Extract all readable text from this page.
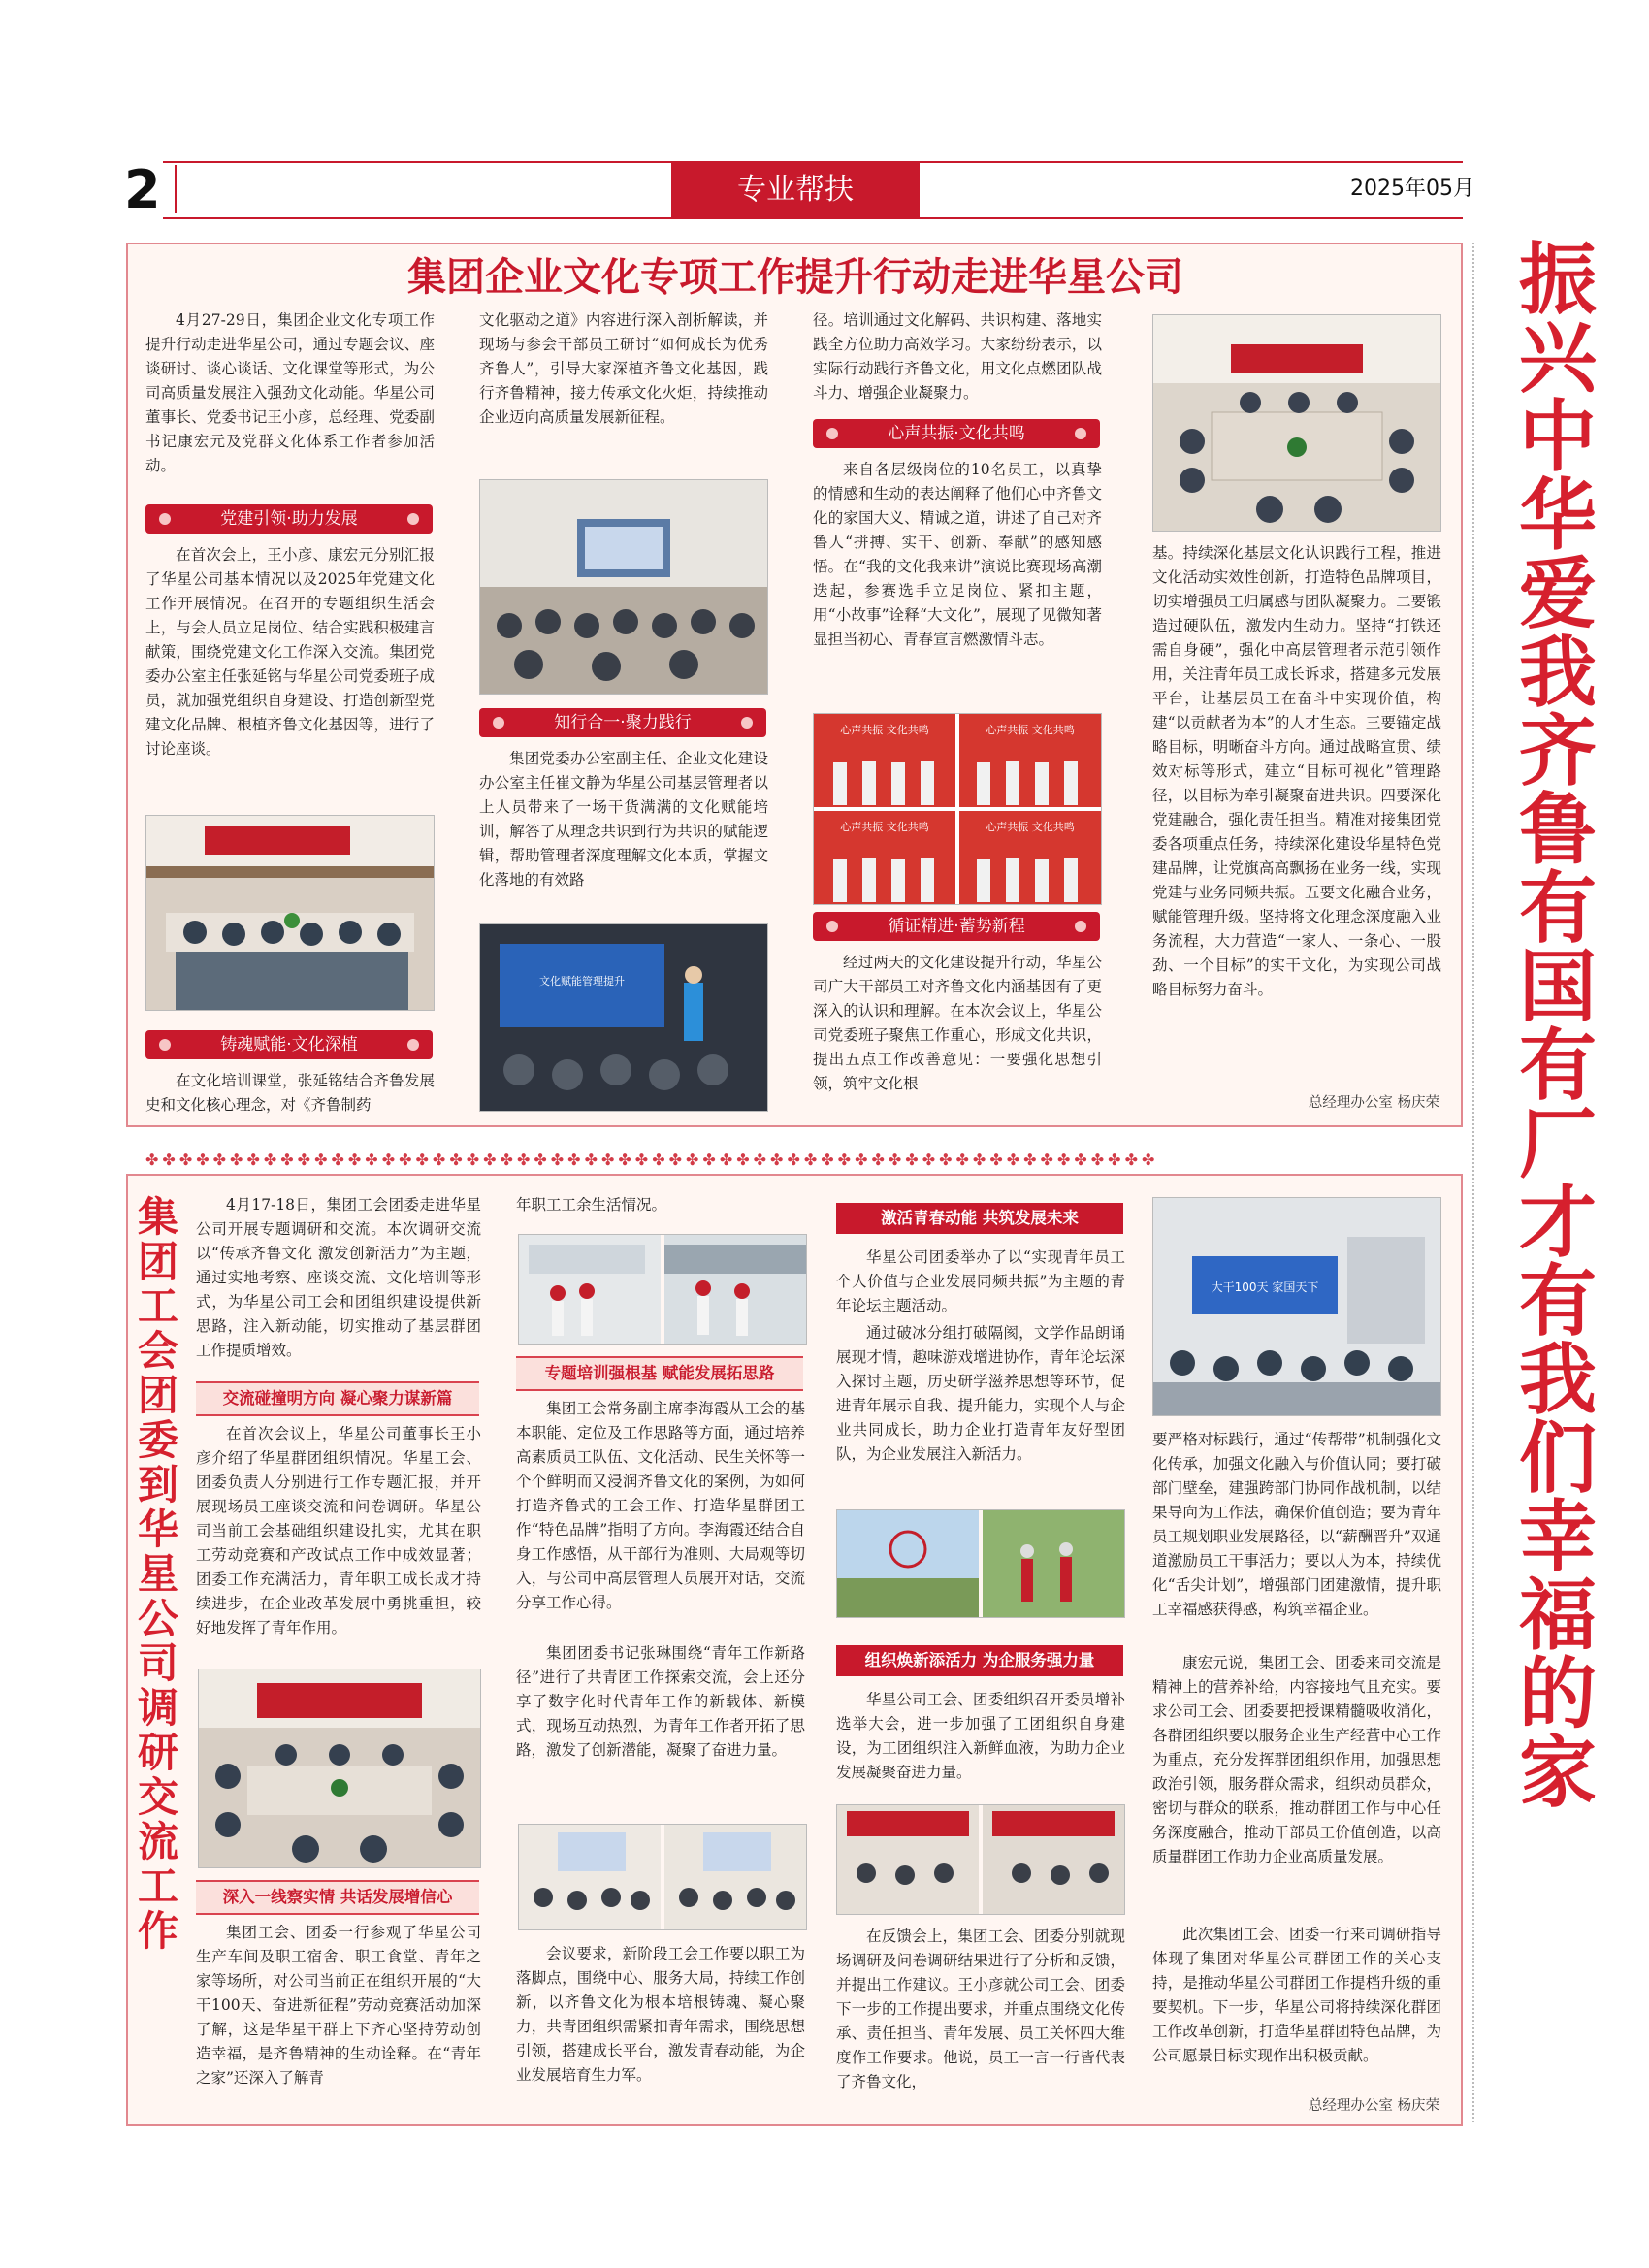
2	专业帮扶	2025年05月
振兴中华 爱我齐鲁 有国有厂才有我们幸福的家
集团企业文化专项工作提升行动走进华星公司

4月27-29日，集团企业文化专项工作提升行动走进华星公司，通过专题会议、座谈研讨、谈心谈话、文化课堂等形式，为公司高质量发展注入强劲文化动能。华星公司董事长、党委书记王小彦，总经理、党委副书记康宏元及党群文化体系工作者参加活动。

党建引领·助力发展

在首次会上，王小彦、康宏元分别汇报了华星公司基本情况以及2025年党建文化工作开展情况。在召开的专题组织生活会上，与会人员立足岗位、结合实践积极建言献策，围绕党建文化工作深入交流。集团党委办公室主任张延铭与华星公司党委班子成员，就加强党组织自身建设、打造创新型党建文化品牌、根植齐鲁文化基因等，进行了讨论座谈。

铸魂赋能·文化深植

在文化培训课堂，张延铭结合齐鲁发展史和文化核心理念，对《齐鲁制药

文化驱动之道》内容进行深入剖析解读，并现场与参会干部员工研讨“如何成长为优秀齐鲁人”，引导大家深植齐鲁文化基因，践行齐鲁精神，接力传承文化火炬，持续推动企业迈向高质量发展新征程。

知行合一·聚力践行

集团党委办公室副主任、企业文化建设办公室主任崔文静为华星公司基层管理者以上人员带来了一场干货满满的文化赋能培训，解答了从理念共识到行为共识的赋能逻辑，帮助管理者深度理解文化本质，掌握文化落地的有效路

文化赋能管理提升

径。培训通过文化解码、共识构建、落地实践全方位助力高效学习。大家纷纷表示，以实际行动践行齐鲁文化，用文化点燃团队战斗力、增强企业凝聚力。

心声共振·文化共鸣

来自各层级岗位的10名员工，以真挚的情感和生动的表达阐释了他们心中齐鲁文化的家国大义、精诚之道，讲述了自己对齐鲁人“拼搏、实干、创新、奉献”的感知感悟。在“我的文化我来讲”演说比赛现场高潮迭起，参赛选手立足岗位、紧扣主题，用“小故事”诠释“大文化”，展现了见微知著显担当初心、青春宣言燃激情斗志。

心声共振 文化共鸣	心声共振 文化共鸣
心声共振 文化共鸣	心声共振 文化共鸣
循证精进·蓄势新程

经过两天的文化建设提升行动，华星公司广大干部员工对齐鲁文化内涵基因有了更深入的认识和理解。在本次会议上，华星公司党委班子聚焦工作重心，形成文化共识，提出五点工作改善意见：一要强化思想引领，筑牢文化根

基。持续深化基层文化认识践行工程，推进文化活动实效性创新，打造特色品牌项目，切实增强员工归属感与团队凝聚力。二要锻造过硬队伍，激发内生动力。坚持“打铁还需自身硬”，强化中高层管理者示范引领作用，关注青年员工成长诉求，搭建多元发展平台，让基层员工在奋斗中实现价值，构建“以贡献者为本”的人才生态。三要锚定战略目标，明晰奋斗方向。通过战略宣贯、绩效对标等形式，建立“目标可视化”管理路径，以目标为牵引凝聚奋进共识。四要深化党建融合，强化责任担当。精准对接集团党委各项重点任务，持续深化建设华星特色党建品牌，让党旗高高飘扬在业务一线，实现党建与业务同频共振。五要文化融合业务，赋能管理升级。坚持将文化理念深度融入业务流程，大力营造“一家人、一条心、一股劲、一个目标”的实干文化，为实现公司战略目标努力奋斗。

总经理办公室 杨庆荣
✤✤✤✤✤✤✤✤✤✤✤✤✤✤✤✤✤✤✤✤✤✤✤✤✤✤✤✤✤✤✤✤✤✤✤✤✤✤✤✤✤✤✤✤✤✤✤✤✤✤✤✤✤✤✤✤✤✤✤✤
集团工会团委到华星公司调研交流工作

4月17-18日，集团工会团委走进华星公司开展专题调研和交流。本次调研交流以“传承齐鲁文化 激发创新活力”为主题，通过实地考察、座谈交流、文化培训等形式，为华星公司工会和团组织建设提供新思路，注入新动能，切实推动了基层群团工作提质增效。

交流碰撞明方向 凝心聚力谋新篇

在首次会议上，华星公司董事长王小彦介绍了华星群团组织情况。华星工会、团委负责人分别进行工作专题汇报，并开展现场员工座谈交流和问卷调研。华星公司当前工会基础组织建设扎实，尤其在职工劳动竞赛和产改试点工作中成效显著；团委工作充满活力，青年职工成长成才持续进步，在企业改革发展中勇挑重担，较好地发挥了青年作用。

深入一线察实情 共话发展增信心

集团工会、团委一行参观了华星公司生产车间及职工宿舍、职工食堂、青年之家等场所，对公司当前正在组织开展的“大干100天、奋进新征程”劳动竞赛活动加深了解，这是华星干群上下齐心坚持劳动创造幸福，是齐鲁精神的生动诠释。在“青年之家”还深入了解青

年职工工余生活情况。

专题培训强根基 赋能发展拓思路

集团工会常务副主席李海霞从工会的基本职能、定位及工作思路等方面，通过培养高素质员工队伍、文化活动、民生关怀等一个个鲜明而又浸润齐鲁文化的案例，为如何打造齐鲁式的工会工作、打造华星群团工作“特色品牌”指明了方向。李海霞还结合自身工作感悟，从干部行为准则、大局观等切入，与公司中高层管理人员展开对话，交流分享工作心得。

集团团委书记张琳围绕“青年工作新路径”进行了共青团工作探索交流，会上还分享了数字化时代青年工作的新载体、新模式，现场互动热烈，为青年工作者开拓了思路，激发了创新潜能，凝聚了奋进力量。

会议要求，新阶段工会工作要以职工为落脚点，围绕中心、服务大局，持续工作创新，以齐鲁文化为根本培根铸魂、凝心聚力，共青团组织需紧扣青年需求，围绕思想引领，搭建成长平台，激发青春动能，为企业发展培育生力军。

激活青春动能 共筑发展未来

华星公司团委举办了以“实现青年员工个人价值与企业发展同频共振”为主题的青年论坛主题活动。

通过破冰分组打破隔阂，文学作品朗诵展现才情，趣味游戏增进协作，青年论坛深入探讨主题，历史研学滋养思想等环节，促进青年展示自我、提升能力，实现个人与企业共同成长，助力企业打造青年友好型团队，为企业发展注入新活力。

组织焕新添活力 为企服务强力量

华星公司工会、团委组织召开委员增补选举大会，进一步加强了工团组织自身建设，为工团组织注入新鲜血液，为助力企业发展凝聚奋进力量。

在反馈会上，集团工会、团委分别就现场调研及问卷调研结果进行了分析和反馈，并提出工作建议。王小彦就公司工会、团委下一步的工作提出要求，并重点围绕文化传承、责任担当、青年发展、员工关怀四大维度作工作要求。他说，员工一言一行皆代表了齐鲁文化，

大干100天 家国天下

要严格对标践行，通过“传帮带”机制强化文化传承，加强文化融入与价值认同；要打破部门壁垒，建强跨部门协同作战机制，以结果导向为工作法，确保价值创造；要为青年员工规划职业发展路径，以“薪酬晋升”双通道激励员工干事活力；要以人为本，持续优化“舌尖计划”，增强部门团建激情，提升职工幸福感获得感，构筑幸福企业。

康宏元说，集团工会、团委来司交流是精神上的营养补给，内容接地气且充实。要求公司工会、团委要把授课精髓吸收消化，各群团组织要以服务企业生产经营中心工作为重点，充分发挥群团组织作用，加强思想政治引领，服务群众需求，组织动员群众，密切与群众的联系，推动群团工作与中心任务深度融合，推动干部员工价值创造，以高质量群团工作助力企业高质量发展。

此次集团工会、团委一行来司调研指导体现了集团对华星公司群团工作的关心支持，是推动华星公司群团工作提档升级的重要契机。下一步，华星公司将持续深化群团工作改革创新，打造华星群团特色品牌，为公司愿景目标实现作出积极贡献。

总经理办公室 杨庆荣
